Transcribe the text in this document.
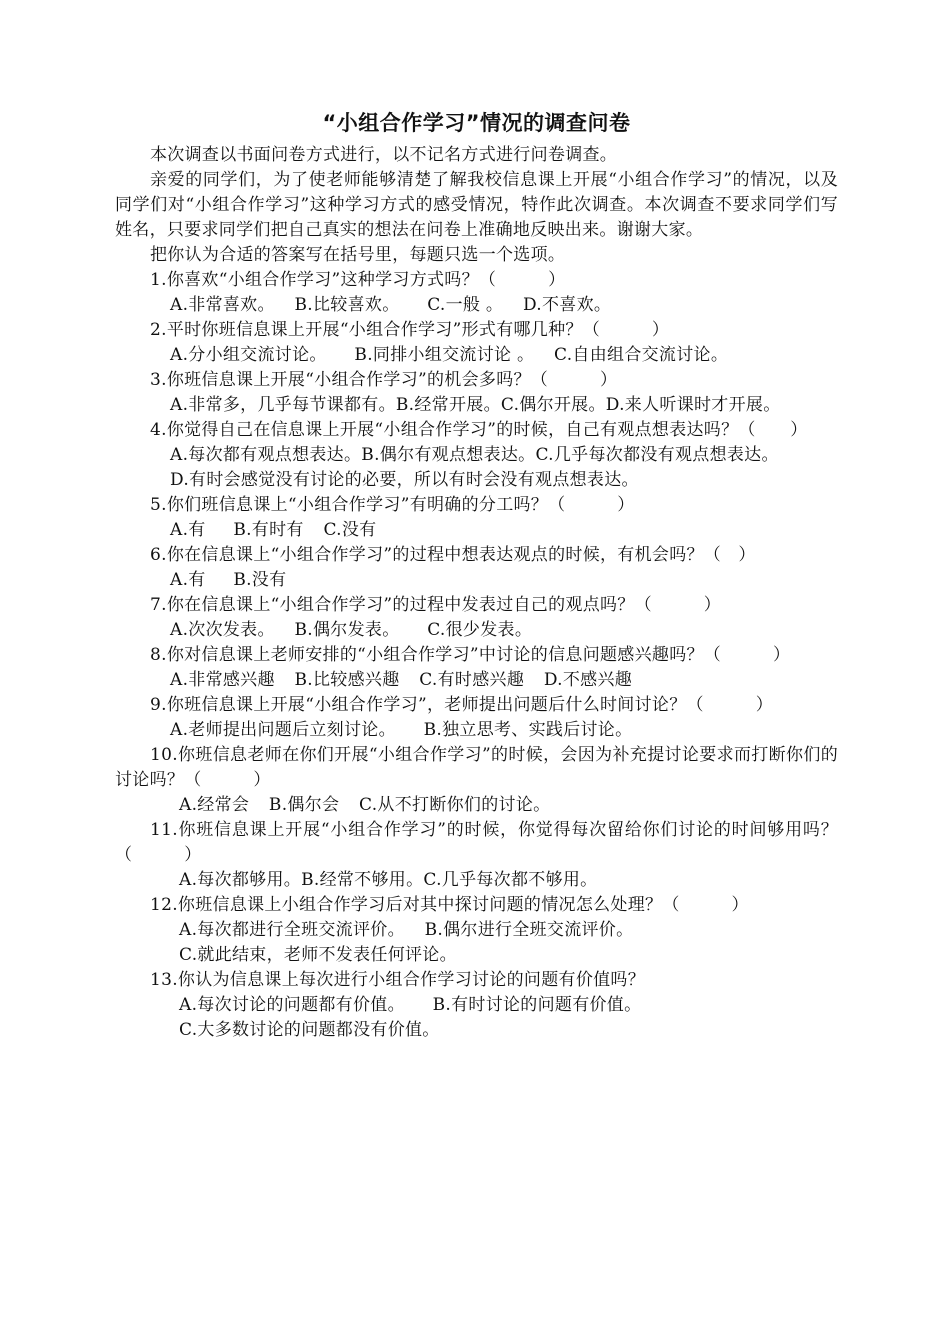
“小组合作学习”情况的调查问卷

本次调查以书面问卷方式进行，以不记名方式进行问卷调查。

亲爱的同学们，为了使老师能够清楚了解我校信息课上开展“小组合作学习”的情况，以及同学们对“小组合作学习”这种学习方式的感受情况，特作此次调查。本次调查不要求同学们写姓名，只要求同学们把自己真实的想法在问卷上准确地反映出来。谢谢大家。

把你认为合适的答案写在括号里，每题只选一个选项。

1.你喜欢“小组合作学习”这种学习方式吗？（　　　）
A.非常喜欢。 B.比较喜欢。 C.一般 。 D.不喜欢。
2.平时你班信息课上开展“小组合作学习”形式有哪几种？（　　　）
A.分小组交流讨论。 B.同排小组交流讨论 。 C.自由组合交流讨论。
3.你班信息课上开展“小组合作学习”的机会多吗？（　　　）
A.非常多，几乎每节课都有。B.经常开展。C.偶尔开展。D.来人听课时才开展。
4.你觉得自己在信息课上开展“小组合作学习”的时候，自己有观点想表达吗？（　　）
A.每次都有观点想表达。B.偶尔有观点想表达。C.几乎每次都没有观点想表达。
D.有时会感觉没有讨论的必要，所以有时会没有观点想表达。
5.你们班信息课上“小组合作学习”有明确的分工吗？（　　　）
A.有 B.有时有 C.没有

6.你在信息课上“小组合作学习”的过程中想表达观点的时候，有机会吗？（　）

A.有 B.没有
7.你在信息课上“小组合作学习”的过程中发表过自己的观点吗？（　　　）
A.次次发表。 B.偶尔发表。 C.很少发表。
8.你对信息课上老师安排的“小组合作学习”中讨论的信息问题感兴趣吗？（　　　）
A.非常感兴趣 B.比较感兴趣 C.有时感兴趣 D.不感兴趣
9.你班信息课上开展“小组合作学习”，老师提出问题后什么时间讨论？（　　　）
A.老师提出问题后立刻讨论。 B.独立思考、实践后讨论。

10.你班信息老师在你们开展“小组合作学习”的时候，会因为补充提讨论要求而打断你们的讨论吗？（　　　）

A.经常会 B.偶尔会 C.从不打断你们的讨论。

11.你班信息课上开展“小组合作学习”的时候，你觉得每次留给你们讨论的时间够用吗？（　　　）

A.每次都够用。B.经常不够用。C.几乎每次都不够用。
12.你班信息课上小组合作学习后对其中探讨问题的情况怎么处理？（　　　）
A.每次都进行全班交流评价。 B.偶尔进行全班交流评价。
C.就此结束，老师不发表任何评论。
13.你认为信息课上每次进行小组合作学习讨论的问题有价值吗？
A.每次讨论的问题都有价值。 B.有时讨论的问题有价值。
C.大多数讨论的问题都没有价值。
